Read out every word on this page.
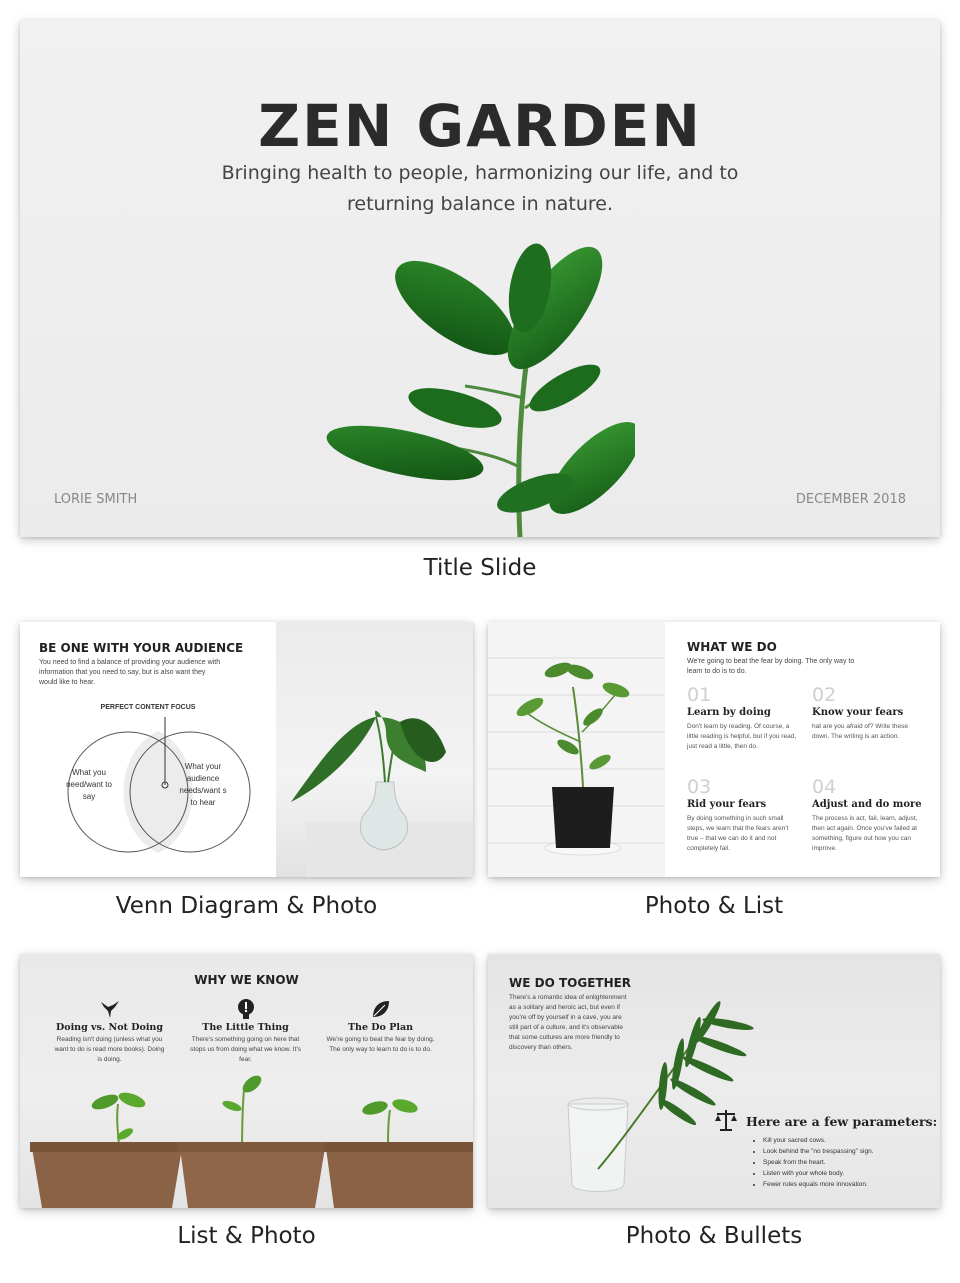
ZEN GARDEN
Bringing health to people, harmonizing our life, and to returning balance in nature.
LORIE SMITH	DECEMBER 2018
Title Slide
BE ONE WITH YOUR AUDIENCE
You need to find a balance of providing your audience with information that you need to say, but is also want they would like to hear.
PERFECT CONTENT FOCUS
What you need/want to say
What your audience needs/want s to hear
Venn Diagram & Photo
WHAT WE DO
We're going to beat the fear by doing. The only way to learn to do is to do.
01
Learn by doing
Don't learn by reading. Of course, a little reading is helpful, but if you read, just read a little, then do.
02
Know your fears
hat are you afraid of? Write these down. The writing is an action.
03
Rid your fears
By doing something in such small steps, we learn that the fears aren't true – that we can do it and not completely fail.
04
Adjust and do more
The process is act, fail, learn, adjust, then act again. Once you've failed at something, figure out how you can improve.
Photo & List
WHY WE KNOW
Doing vs. Not Doing
Reading isn't doing (unless what you want to do is read more books). Doing is doing.
The Little Thing
There's something going on here that stops us from doing what we know. It's fear.
The Do Plan
We're going to beat the fear by doing. The only way to learn to do is to do.
List & Photo
WE DO TOGETHER
There's a romantic idea of enlightenment as a solitary and heroic act, but even if you're off by yourself in a cave, you are still part of a culture, and it's observable that some cultures are more friendly to discovery than others.
Here are a few parameters:
• Kill your sacred cows.
• Look behind the "no trespassing" sign.
• Speak from the heart.
• Listen with your whole body.
• Fewer rules equals more innovation.
Photo & Bullets
